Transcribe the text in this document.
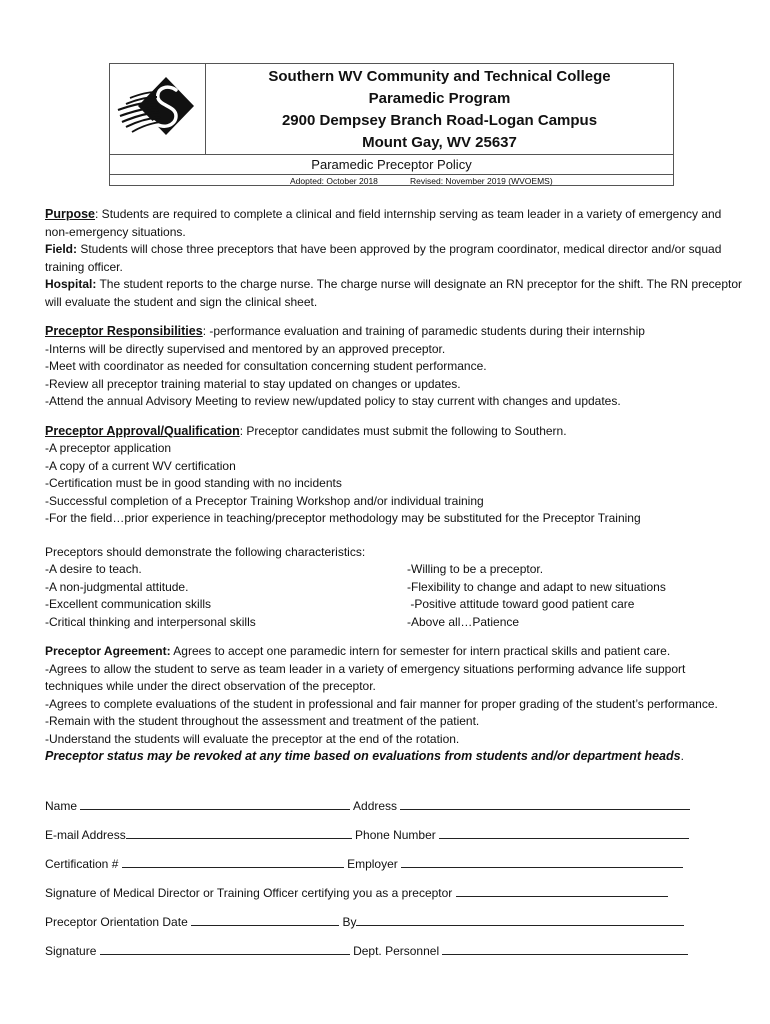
Southern WV Community and Technical College
Paramedic Program
2900 Dempsey Branch Road-Logan Campus
Mount Gay, WV 25637
Paramedic Preceptor Policy
Adopted: October 2018	Revised: November 2019 (WVOEMS)

Purpose: Students are required to complete a clinical and field internship serving as team leader in a variety of emergency and non-emergency situations.

Field: Students will chose three preceptors that have been approved by the program coordinator, medical director and/or squad training officer.

Hospital: The student reports to the charge nurse. The charge nurse will designate an RN preceptor for the shift. The RN preceptor will evaluate the student and sign the clinical sheet.

Preceptor Responsibilities: -performance evaluation and training of paramedic students during their internship

-Interns will be directly supervised and mentored by an approved preceptor.

-Meet with coordinator as needed for consultation concerning student performance.

-Review all preceptor training material to stay updated on changes or updates.

-Attend the annual Advisory Meeting to review new/updated policy to stay current with changes and updates.

Preceptor Approval/Qualification: Preceptor candidates must submit the following to Southern.

-A preceptor application

-A copy of a current WV certification

-Certification must be in good standing with no incidents

-Successful completion of a Preceptor Training Workshop and/or individual training

-For the field…prior experience in teaching/preceptor methodology may be substituted for the Preceptor Training

Preceptors should demonstrate the following characteristics:

-A desire to teach.	-Willing to be a preceptor.
-A non-judgmental attitude.	-Flexibility to change and adapt to new situations
-Excellent communication skills	-Positive attitude toward good patient care
-Critical thinking and interpersonal skills	-Above all…Patience

Preceptor Agreement: Agrees to accept one paramedic intern for semester for intern practical skills and patient care.

-Agrees to allow the student to serve as team leader in a variety of emergency situations performing advance life support techniques while under the direct observation of the preceptor.

-Agrees to complete evaluations of the student in professional and fair manner for proper grading of the student’s performance.

-Remain with the student throughout the assessment and treatment of the patient.

-Understand the students will evaluate the preceptor at the end of the rotation.

Preceptor status may be revoked at any time based on evaluations from students and/or department heads.

Name	Address
E-mail Address	Phone Number
Certification #	Employer
Signature of Medical Director or Training Officer certifying you as a preceptor
Preceptor Orientation Date	By
Signature	Dept. Personnel
